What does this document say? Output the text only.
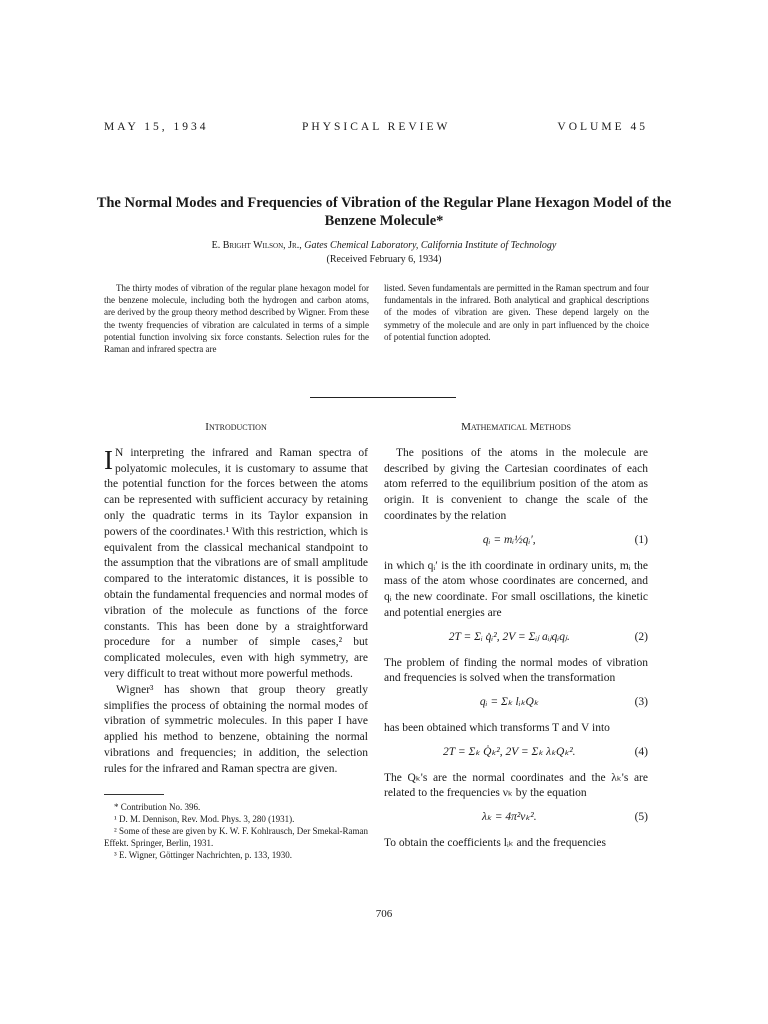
MAY 15, 1934	PHYSICAL REVIEW	VOLUME 45
The Normal Modes and Frequencies of Vibration of the Regular Plane Hexagon Model of the Benzene Molecule*
E. Bright Wilson, Jr., Gates Chemical Laboratory, California Institute of Technology
(Received February 6, 1934)

The thirty modes of vibration of the regular plane hexagon model for the benzene molecule, including both the hydrogen and carbon atoms, are derived by the group theory method described by Wigner. From these the twenty frequencies of vibration are calculated in terms of a simple potential function involving six force constants. Selection rules for the Raman and infrared spectra are

listed. Seven fundamentals are permitted in the Raman spectrum and four fundamentals in the infrared. Both analytical and graphical descriptions of the modes of vibration are given. These depend largely on the symmetry of the molecule and are only in part influenced by the choice of potential function adopted.

Introduction

I N interpreting the infrared and Raman spectra of polyatomic molecules, it is customary to assume that the potential function for the forces between the atoms can be represented with sufficient accuracy by retaining only the quadratic terms in its Taylor expansion in powers of the coordinates.¹ With this restriction, which is equivalent from the classical mechanical standpoint to the assumption that the vibrations are of small amplitude compared to the interatomic distances, it is possible to obtain the fundamental frequencies and normal modes of vibration of the molecule as functions of the force constants. This has been done by a straightforward procedure for a number of simple cases,² but complicated molecules, even with high symmetry, are very difficult to treat without more powerful methods.

Wigner³ has shown that group theory greatly simplifies the process of obtaining the normal modes of vibration of symmetric molecules. In this paper I have applied his method to benzene, obtaining the normal vibrations and frequencies; in addition, the selection rules for the infrared and Raman spectra are given.

* Contribution No. 396.

¹ D. M. Dennison, Rev. Mod. Phys. 3, 280 (1931).

² Some of these are given by K. W. F. Kohlrausch, Der Smekal-Raman Effekt. Springer, Berlin, 1931.

³ E. Wigner, Göttinger Nachrichten, p. 133, 1930.

Mathematical Methods

The positions of the atoms in the molecule are described by giving the Cartesian coordinates of each atom referred to the equilibrium position of the atom as origin. It is convenient to change the scale of the coordinates by the relation

qᵢ = mᵢ½qᵢ′,	(1)

in which qᵢ′ is the ith coordinate in ordinary units, mᵢ the mass of the atom whose coordinates are concerned, and qᵢ the new coordinate. For small oscillations, the kinetic and potential energies are

2T = Σᵢ q̇ᵢ², 2V = Σᵢⱼ aᵢⱼqᵢqⱼ.	(2)

The problem of finding the normal modes of vibration and frequencies is solved when the transformation

qᵢ = Σₖ lᵢₖQₖ	(3)

has been obtained which transforms T and V into

2T = Σₖ Q̇ₖ², 2V = Σₖ λₖQₖ².	(4)

The Qₖ's are the normal coordinates and the λₖ's are related to the frequencies νₖ by the equation

λₖ = 4π²νₖ².	(5)

To obtain the coefficients lᵢₖ and the frequencies

706
